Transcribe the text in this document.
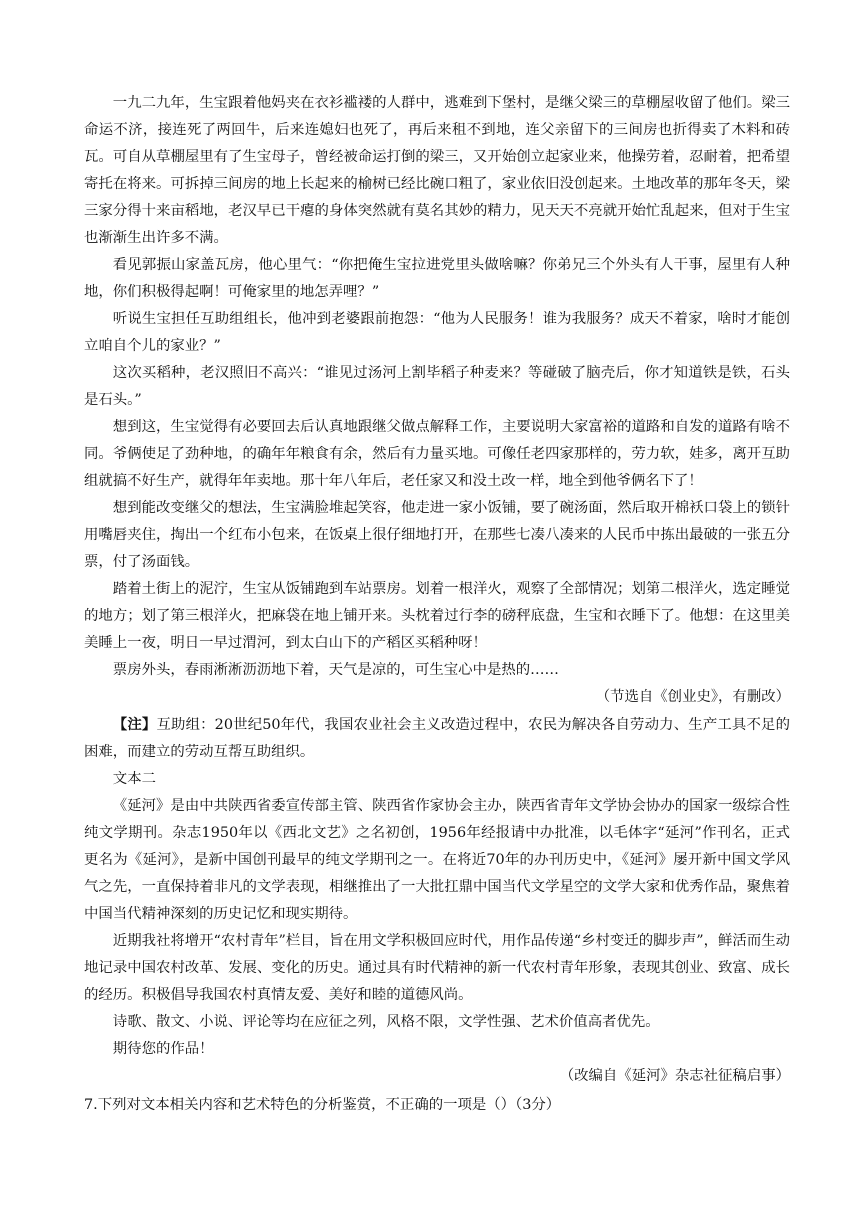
一九二九年，生宝跟着他妈夹在衣衫褴褛的人群中，逃难到下堡村，是继父梁三的草棚屋收留了他们。梁三命运不济，接连死了两回牛，后来连媳妇也死了，再后来租不到地，连父亲留下的三间房也折得卖了木料和砖瓦。可自从草棚屋里有了生宝母子，曾经被命运打倒的梁三，又开始创立起家业来，他操劳着，忍耐着，把希望寄托在将来。可拆掉三间房的地上长起来的榆树已经比碗口粗了，家业依旧没创起来。土地改革的那年冬天，梁三家分得十来亩稻地，老汉早已干瘪的身体突然就有莫名其妙的精力，见天天不亮就开始忙乱起来，但对于生宝也渐渐生出许多不满。

看见郭振山家盖瓦房，他心里气：“你把俺生宝拉进党里头做啥嘛？你弟兄三个外头有人干事，屋里有人种地，你们积极得起啊！可俺家里的地怎弄哩？”

听说生宝担任互助组组长，他冲到老婆跟前抱怨：“他为人民服务！谁为我服务？成天不着家，啥时才能创立咱自个儿的家业？”

这次买稻种，老汉照旧不高兴：“谁见过汤河上割毕稻子种麦来？等碰破了脑壳后，你才知道铁是铁，石头是石头。”

想到这，生宝觉得有必要回去后认真地跟继父做点解释工作，主要说明大家富裕的道路和自发的道路有啥不同。爷俩使足了劲种地，的确年年粮食有余，然后有力量买地。可像任老四家那样的，劳力软，娃多，离开互助组就搞不好生产，就得年年卖地。那十年八年后，老任家又和没土改一样，地全到他爷俩名下了！

想到能改变继父的想法，生宝满脸堆起笑容，他走进一家小饭铺，要了碗汤面，然后取开棉袄口袋上的锁针用嘴唇夹住，掏出一个红布小包来，在饭桌上很仔细地打开，在那些七凑八凑来的人民币中拣出最破的一张五分票，付了汤面钱。

踏着土街上的泥泞，生宝从饭铺跑到车站票房。划着一根洋火，观察了全部情况；划第二根洋火，选定睡觉的地方；划了第三根洋火，把麻袋在地上铺开来。头枕着过行李的磅秤底盘，生宝和衣睡下了。他想：在这里美美睡上一夜，明日一早过渭河，到太白山下的产稻区买稻种呀！

票房外头，春雨淅淅沥沥地下着，天气是凉的，可生宝心中是热的……

（节选自《创业史》，有删改）

【注】互助组：20世纪50年代，我国农业社会主义改造过程中，农民为解决各自劳动力、生产工具不足的困难，而建立的劳动互帮互助组织。

文本二

《延河》是由中共陕西省委宣传部主管、陕西省作家协会主办，陕西省青年文学协会协办的国家一级综合性纯文学期刊。杂志1950年以《西北文艺》之名初创，1956年经报请中办批准，以毛体字“延河”作刊名，正式更名为《延河》，是新中国创刊最早的纯文学期刊之一。在将近70年的办刊历史中，《延河》屡开新中国文学风气之先，一直保持着非凡的文学表现，相继推出了一大批扛鼎中国当代文学星空的文学大家和优秀作品，聚焦着中国当代精神深刻的历史记忆和现实期待。

近期我社将增开“农村青年”栏目，旨在用文学积极回应时代，用作品传递“乡村变迁的脚步声”，鲜活而生动地记录中国农村改革、发展、变化的历史。通过具有时代精神的新一代农村青年形象，表现其创业、致富、成长的经历。积极倡导我国农村真情友爱、美好和睦的道德风尚。

诗歌、散文、小说、评论等均在应征之列，风格不限，文学性强、艺术价值高者优先。

期待您的作品！

（改编自《延河》杂志社征稿启事）

7.下列对文本相关内容和艺术特色的分析鉴赏，不正确的一项是（）（3分）
